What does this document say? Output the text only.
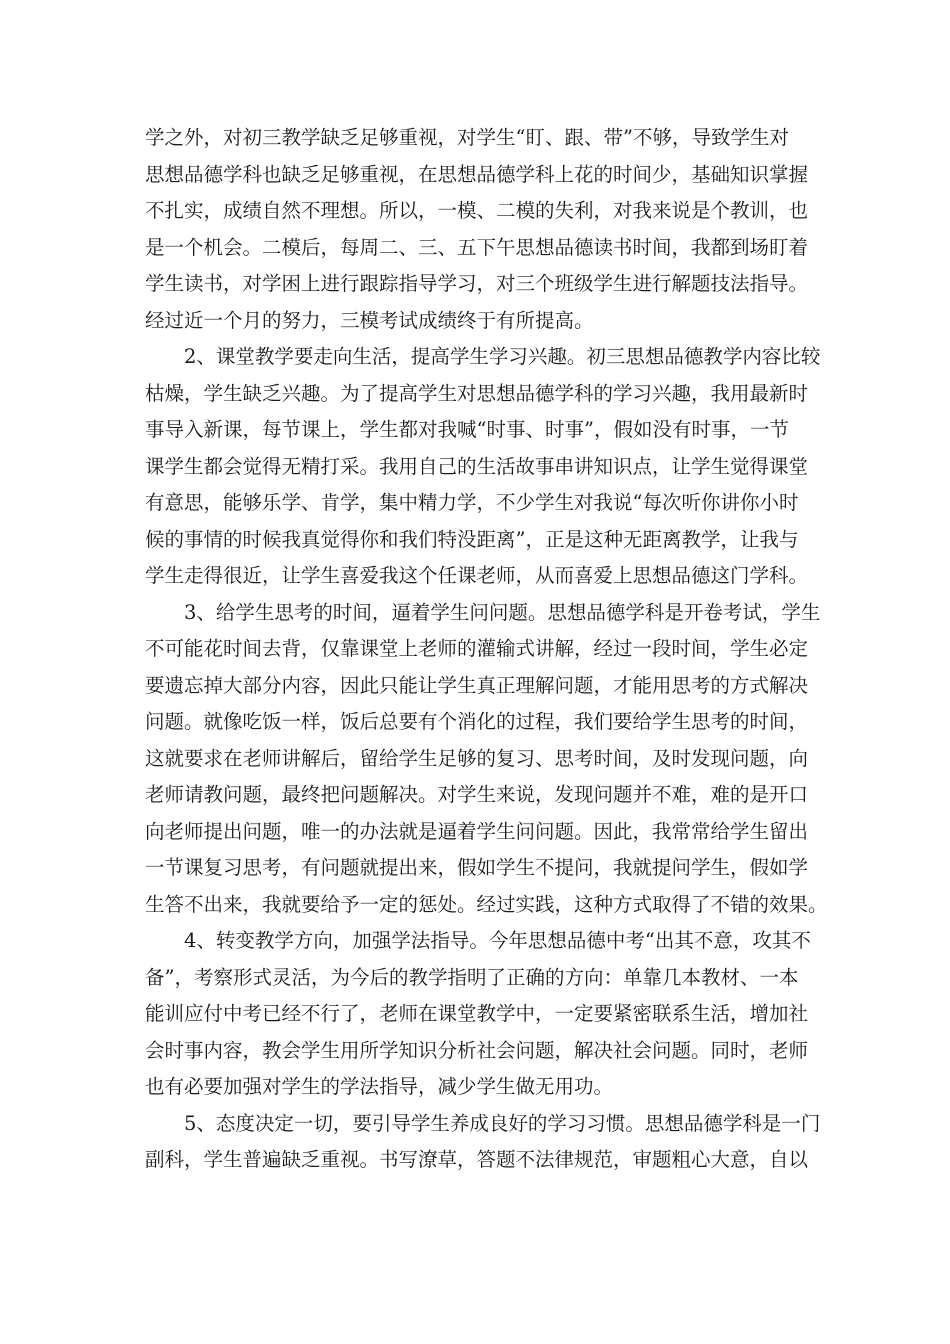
学之外，对初三教学缺乏足够重视，对学生“盯、跟、带”不够，导致学生对
思想品德学科也缺乏足够重视，在思想品德学科上花的时间少，基础知识掌握
不扎实，成绩自然不理想。所以，一模、二模的失利，对我来说是个教训，也
是一个机会。二模后，每周二、三、五下午思想品德读书时间，我都到场盯着
学生读书，对学困上进行跟踪指导学习，对三个班级学生进行解题技法指导。
经过近一个月的努力，三模考试成绩终于有所提高。
2、课堂教学要走向生活，提高学生学习兴趣。初三思想品德教学内容比较
枯燥，学生缺乏兴趣。为了提高学生对思想品德学科的学习兴趣，我用最新时
事导入新课，每节课上，学生都对我喊“时事、时事”，假如没有时事，一节
课学生都会觉得无精打采。我用自己的生活故事串讲知识点，让学生觉得课堂
有意思，能够乐学、肯学，集中精力学，不少学生对我说“每次听你讲你小时
候的事情的时候我真觉得你和我们特没距离”，正是这种无距离教学，让我与
学生走得很近，让学生喜爱我这个任课老师，从而喜爱上思想品德这门学科。
3、给学生思考的时间，逼着学生问问题。思想品德学科是开卷考试，学生
不可能花时间去背，仅靠课堂上老师的灌输式讲解，经过一段时间，学生必定
要遗忘掉大部分内容，因此只能让学生真正理解问题，才能用思考的方式解决
问题。就像吃饭一样，饭后总要有个消化的过程，我们要给学生思考的时间，
这就要求在老师讲解后，留给学生足够的复习、思考时间，及时发现问题，向
老师请教问题，最终把问题解决。对学生来说，发现问题并不难，难的是开口
向老师提出问题，唯一的办法就是逼着学生问问题。因此，我常常给学生留出
一节课复习思考，有问题就提出来，假如学生不提问，我就提问学生，假如学
生答不出来，我就要给予一定的惩处。经过实践，这种方式取得了不错的效果。
4、转变教学方向，加强学法指导。今年思想品德中考“出其不意，攻其不
备”，考察形式灵活，为今后的教学指明了正确的方向：单靠几本教材、一本
能训应付中考已经不行了，老师在课堂教学中，一定要紧密联系生活，增加社
会时事内容，教会学生用所学知识分析社会问题，解决社会问题。同时，老师
也有必要加强对学生的学法指导，减少学生做无用功。
5、态度决定一切，要引导学生养成良好的学习习惯。思想品德学科是一门
副科，学生普遍缺乏重视。书写潦草，答题不法律规范，审题粗心大意，自以
